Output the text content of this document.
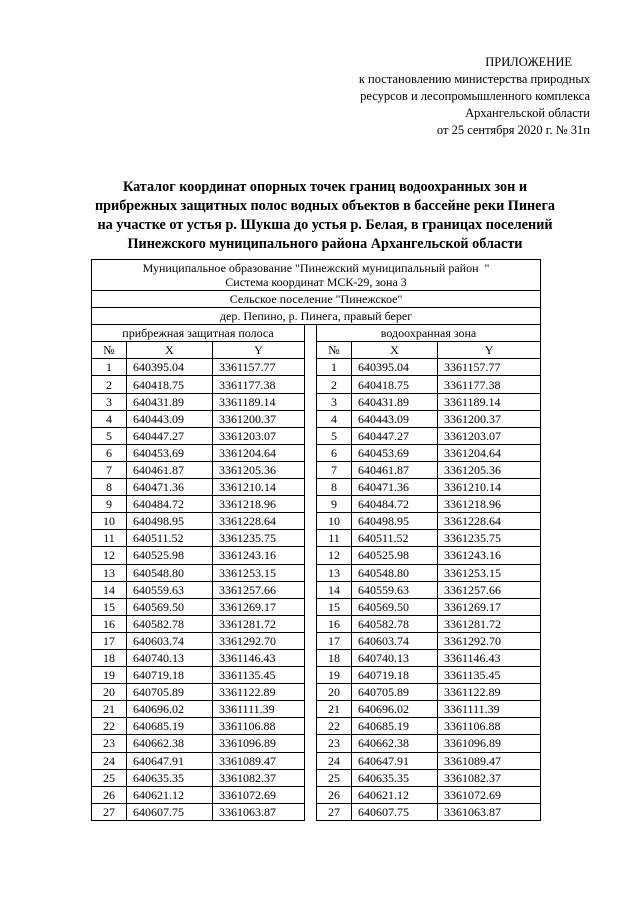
ПРИЛОЖЕНИЕ
к постановлению министерства природных
ресурсов и лесопромышленного комплекса
Архангельской области
от 25 сентября 2020 г. № 31п
Каталог координат опорных точек границ водоохранных зон и
прибрежных защитных полос водных объектов в бассейне реки Пинега
на участке от устья р. Шукша до устья р. Белая, в границах поселений
Пинежского муниципального района Архангельской области
Муниципальное образование "Пинежский муниципальный район  "
Система координат МСК-29, зона 3						

Сельское поселение "Пинежское"						
дер. Пепино, р. Пинега, правый берег						
прибрежная защитная полоса				водоохранная зона		
№	X	Y		№	X	Y
1	640395.04	3361157.77		1	640395.04	3361157.77
2	640418.75	3361177.38		2	640418.75	3361177.38
3	640431.89	3361189.14		3	640431.89	3361189.14
4	640443.09	3361200.37		4	640443.09	3361200.37
5	640447.27	3361203.07		5	640447.27	3361203.07
6	640453.69	3361204.64		6	640453.69	3361204.64
7	640461.87	3361205.36		7	640461.87	3361205.36
8	640471.36	3361210.14		8	640471.36	3361210.14
9	640484.72	3361218.96		9	640484.72	3361218.96
10	640498.95	3361228.64		10	640498.95	3361228.64
11	640511.52	3361235.75		11	640511.52	3361235.75
12	640525.98	3361243.16		12	640525.98	3361243.16
13	640548.80	3361253.15		13	640548.80	3361253.15
14	640559.63	3361257.66		14	640559.63	3361257.66
15	640569.50	3361269.17		15	640569.50	3361269.17
16	640582.78	3361281.72		16	640582.78	3361281.72
17	640603.74	3361292.70		17	640603.74	3361292.70
18	640740.13	3361146.43		18	640740.13	3361146.43
19	640719.18	3361135.45		19	640719.18	3361135.45
20	640705.89	3361122.89		20	640705.89	3361122.89
21	640696.02	3361111.39		21	640696.02	3361111.39
22	640685.19	3361106.88		22	640685.19	3361106.88
23	640662.38	3361096.89		23	640662.38	3361096.89
24	640647.91	3361089.47		24	640647.91	3361089.47
25	640635.35	3361082.37		25	640635.35	3361082.37
26	640621.12	3361072.69		26	640621.12	3361072.69
27	640607.75	3361063.87		27	640607.75	3361063.87
